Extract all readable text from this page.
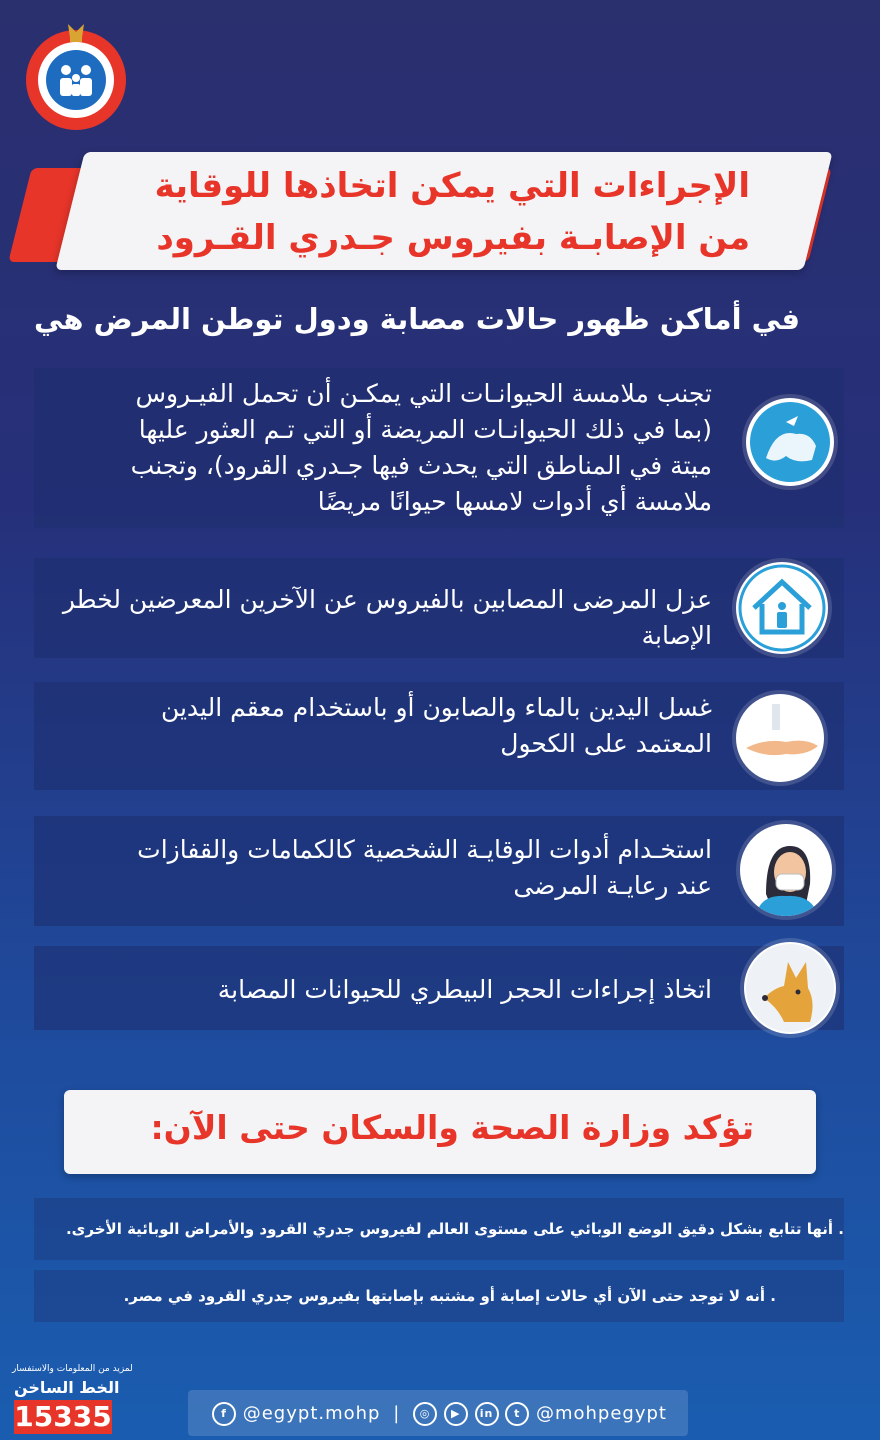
الإجراءات التي يمكن اتخاذها للوقاية
من الإصابـة بفيروس جـدري القـرود
في أماكن ظهور حالات مصابة ودول توطن المرض هي

تجنب ملامسة الحيوانـات التي يمكـن أن تحمل الفيـروس

(بما في ذلك الحيوانـات المريضة أو التي تـم العثور عليها

ميتة في المناطق التي يحدث فيها جـدري القرود)، وتجنب

ملامسة أي أدوات لامسها حيوانًا مريضًا

عزل المرضى المصابين بالفيروس عن الآخرين المعرضين لخطر

الإصابة

غسل اليدين بالماء والصابون أو باستخدام معقم اليدين

المعتمد على الكحول

استخـدام أدوات الوقايـة الشخصية كالكمامات والقفازات

عند رعايـة المرضى

اتخاذ إجراءات الحجر البيطري للحيوانات المصابة

تؤكد وزارة الصحة والسكان حتى الآن:
. أنها تتابع بشكل دقيق الوضع الوبائي على مستوى العالم لفيروس جدري القرود والأمراض الوبائية الأخرى.
. أنه لا توجد حتى الآن أي حالات إصابة أو مشتبه بإصابتها بفيروس جدري القرود في مصر.
لمزيد من المعلومات والاستفسار
الخط الساخن
15335	f @egypt.mohp | ◎ ▶ in t @mohpegypt
